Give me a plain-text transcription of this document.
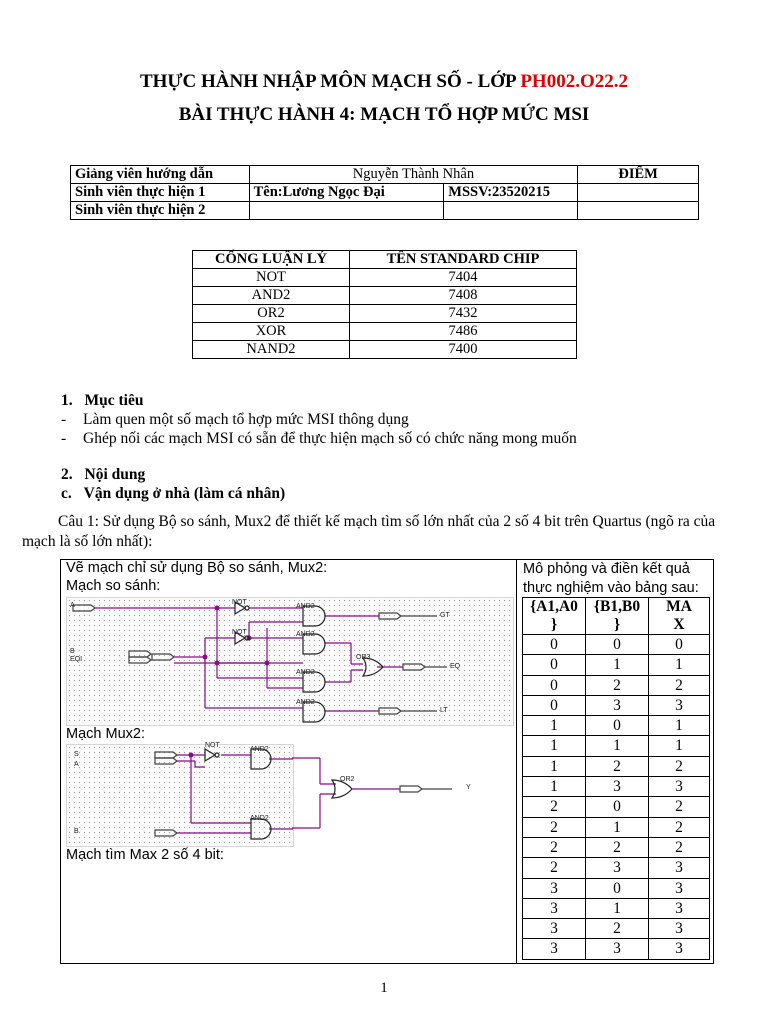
THỰC HÀNH NHẬP MÔN MẠCH SỐ - LỚP PH002.O22.2
BÀI THỰC HÀNH 4: MẠCH TỔ HỢP MỨC MSI
Giảng viên hướng dẫn	Nguyễn Thành Nhân		ĐIỂM
Sinh viên thực hiện 1	Tên:Lương Ngọc Đại	MSSV:23520215	
Sinh viên thực hiện 2			
CỔNG LUẬN LÝ	TÊN STANDARD CHIP
NOT	7404
AND2	7408
OR2	7432
XOR	7486
NAND2	7400
1. Mục tiêu
- Làm quen một số mạch tổ hợp mức MSI thông dụng
- Ghép nối các mạch MSI có sẵn để thực hiện mạch số có chức năng mong muốn
2. Nội dung
c. Vận dụng ở nhà (làm cá nhân)
Câu 1: Sử dụng Bộ so sánh, Mux2 để thiết kế mạch tìm số lớn nhất của 2 số 4 bit trên Quartus (ngõ ra của mạch là số lớn nhất):
Vẽ mạch chỉ sử dụng Bộ so sánh, Mux2:
Mạch so sánh:
Mạch Mux2:
Mạch tìm Max 2 số 4 bit:
A
B
EQI
AND2
AND2
AND2
AND2
OR3
NOT
NOT
GT
EQ
LT
S
A
B
NOT
AND2
AND2
OR2
Y
Mô phỏng và điền kết quả thực nghiệm vào bảng sau:
{A1,A0
}	{B1,B0
}	MA
X
0	0	0
0	1	1
0	2	2
0	3	3
1	0	1
1	1	1
1	2	2
1	3	3
2	0	2
2	1	2
2	2	2
2	3	3
3	0	3
3	1	3
3	2	3
3	3	3
1
